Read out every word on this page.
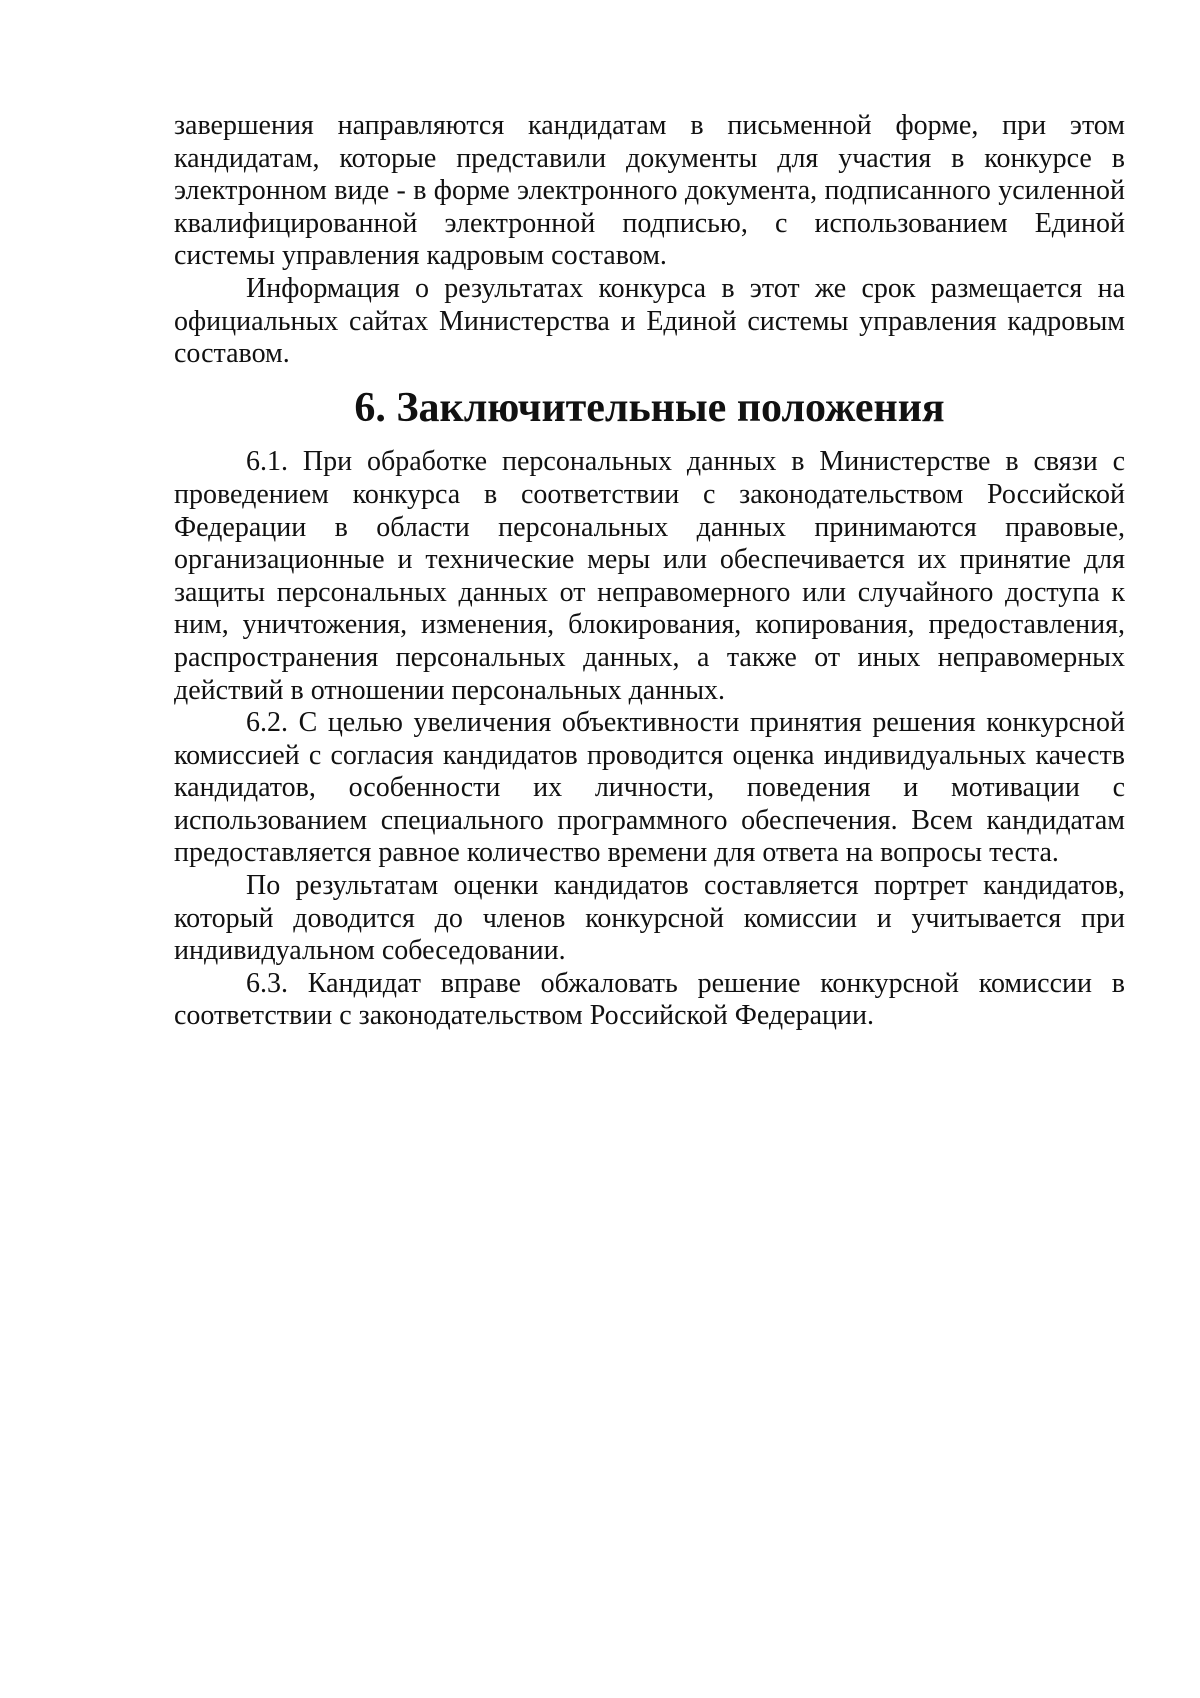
завершения направляются кандидатам в письменной форме, при этом кандидатам, которые представили документы для участия в конкурсе в электронном виде - в форме электронного документа, подписанного усиленной квалифицированной электронной подписью, с использованием Единой системы управления кадровым составом.

Информация о результатах конкурса в этот же срок размещается на официальных сайтах Министерства и Единой системы управления кадровым составом.

6. Заключительные положения

6.1. При обработке персональных данных в Министерстве в связи с проведением конкурса в соответствии с законодательством Российской Федерации в области персональных данных принимаются правовые, организационные и технические меры или обеспечивается их принятие для защиты персональных данных от неправомерного или случайного доступа к ним, уничтожения, изменения, блокирования, копирования, предоставления, распространения персональных данных, а также от иных неправомерных действий в отношении персональных данных.

6.2. С целью увеличения объективности принятия решения конкурсной комиссией с согласия кандидатов проводится оценка индивидуальных качеств кандидатов, особенности их личности, поведения и мотивации с использованием специального программного обеспечения. Всем кандидатам предоставляется равное количество времени для ответа на вопросы теста.

По результатам оценки кандидатов составляется портрет кандидатов, который доводится до членов конкурсной комиссии и учитывается при индивидуальном собеседовании.

6.3. Кандидат вправе обжаловать решение конкурсной комиссии в соответствии с законодательством Российской Федерации.
